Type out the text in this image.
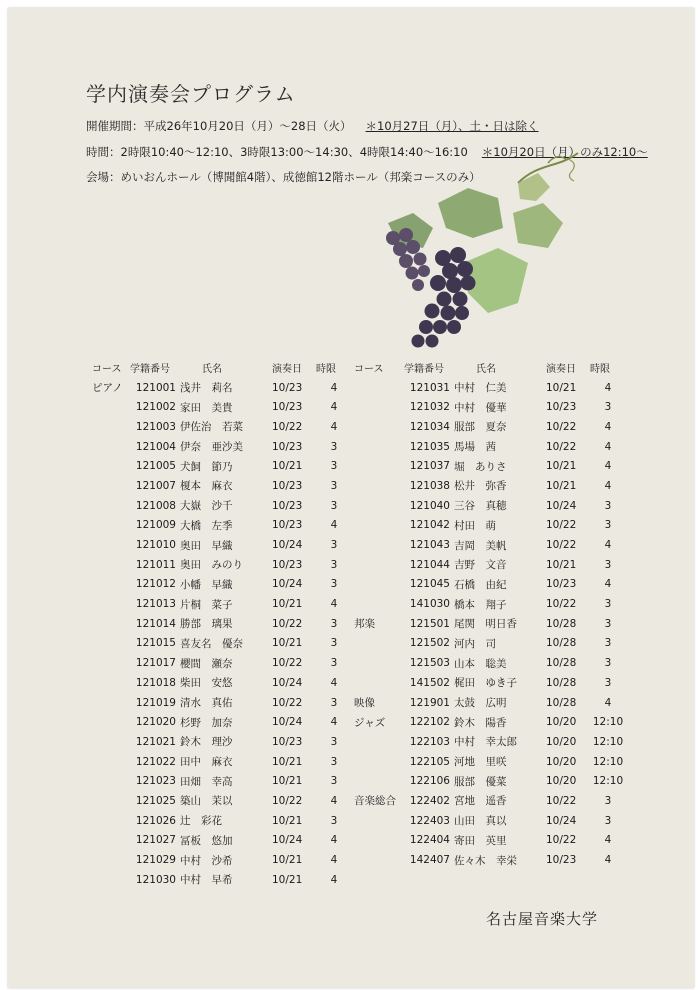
学内演奏会プログラム
開催期間：平成26年10月20日（月）～28日（火） ＊10月27日（月）、土・日は除く
時間：2時限10:40～12:10、3時限13:00～14:30、4時限14:40～16:10 ＊10月20日（月）のみ12:10～
会場：めいおんホール（博聞館4階）、成徳館12階ホール（邦楽コースのみ）
コース	学籍番号	氏名	演奏日	時限
ピアノ	121001	浅井　莉名	10/23	4
	121002	家田　美貴	10/23	4
	121003	伊佐治　若菜	10/22	4
	121004	伊奈　亜沙美	10/23	3
	121005	犬飼　節乃	10/21	3
	121007	榎本　麻衣	10/23	3
	121008	大嶽　沙千	10/23	3
	121009	大橋　左季	10/23	4
	121010	奥田　早織	10/24	3
	121011	奥田　みのり	10/23	3
	121012	小幡　早織	10/24	3
	121013	片桐　菜子	10/21	4
	121014	勝部　璃果	10/22	3
	121015	喜友名　優奈	10/21	3
	121017	櫻間　瀬奈	10/22	3
	121018	柴田　安悠	10/24	4
	121019	清水　真佑	10/22	3
	121020	杉野　加奈	10/24	4
	121021	鈴木　理沙	10/23	3
	121022	田中　麻衣	10/21	3
	121023	田畑　幸高	10/21	3
	121025	築山　茉以	10/22	4
	121026	辻　彩花	10/21	3
	121027	冨板　悠加	10/24	4
	121029	中村　沙希	10/21	4
	121030	中村　早希	10/21	4
コース	学籍番号	氏名	演奏日	時限
	121031	中村　仁美	10/21	4
	121032	中村　優華	10/23	3
	121034	服部　夏奈	10/22	4
	121035	馬場　茜	10/22	4
	121037	堀　ありさ	10/21	4
	121038	松井　弥香	10/21	4
	121040	三谷　真穂	10/24	3
	121042	村田　萌	10/22	3
	121043	吉岡　美帆	10/22	4
	121044	吉野　文音	10/21	3
	121045	石橋　由紀	10/23	4
	141030	橋本　翔子	10/22	3
邦楽	121501	尾関　明日香	10/28	3
	121502	河内　司	10/28	3
	121503	山本　聡美	10/28	3
	141502	梶田　ゆき子	10/28	3
映像	121901	太鼓　広明	10/28	4
ジャズ	122102	鈴木　陽香	10/20	12:10
	122103	中村　幸太郎	10/20	12:10
	122105	河地　里咲	10/20	12:10
	122106	服部　優菜	10/20	12:10
音楽総合	122402	宮地　遥香	10/22	3
	122403	山田　真以	10/24	3
	122404	寄田　英里	10/22	4
	142407	佐々木　幸栄	10/23	4
名古屋音楽大学
